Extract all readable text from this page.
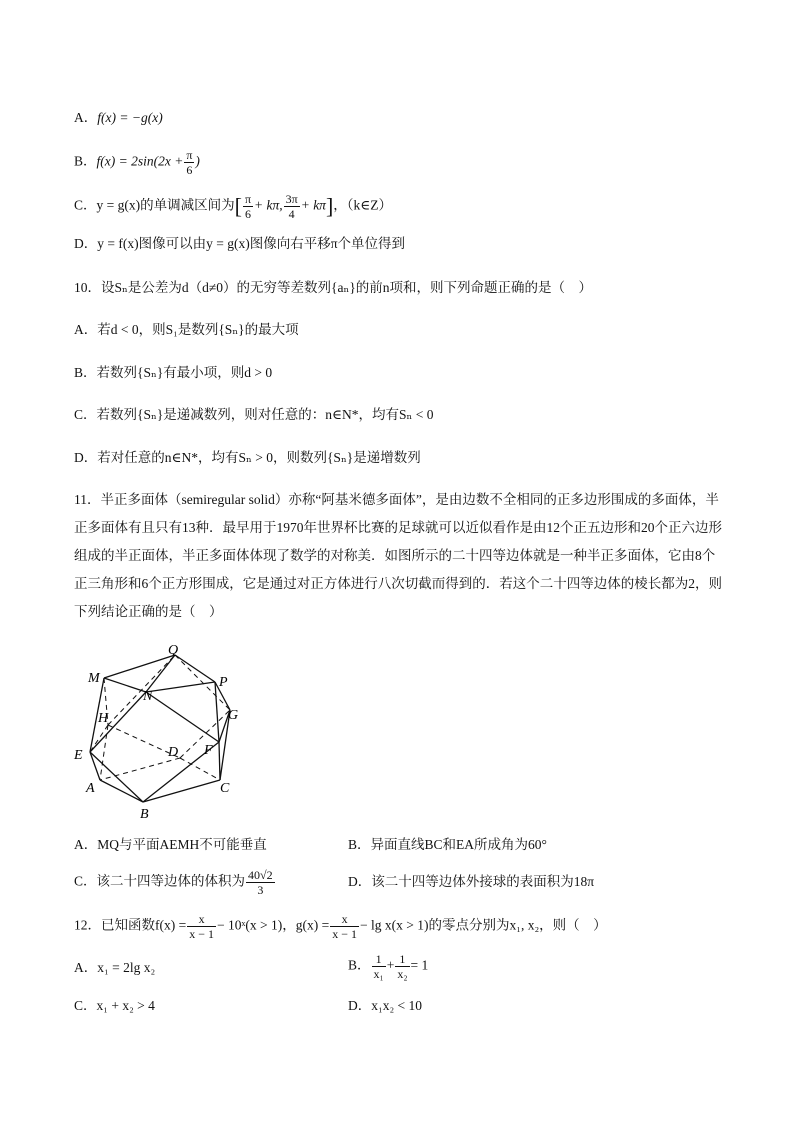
A．f(x) = −g(x)
B．$f(x) = 2\sin(2x + \frac{\pi}{6}$ )
C．y = g(x)的单调减区间为[ $\frac{\pi}{6} + k\pi$, $\frac{3\pi}{4} + k\pi$]，（k∈Z）
D．y = f(x)图像可以由y = g(x)图像向右平移π个单位得到
10．设Sₙ是公差为d（d≠0）的无穷等差数列{aₙ}的前n项和，则下列命题正确的是（　）
A．若d < 0，则S₁是数列{Sₙ}的最大项
B．若数列{Sₙ}有最小项，则d > 0
C．若数列{Sₙ}是递减数列，则对任意的：n∈N*，均有Sₙ < 0
D．若对任意的n∈N*，均有Sₙ > 0，则数列{Sₙ}是递增数列
11．半正多面体（semiregular solid）亦称“阿基米德多面体”，是由边数不全相同的正多边形围成的多面体，半正多面体有且只有13种．最早用于1970年世界杯比赛的足球就可以近似看作是由12个正五边形和20个正六边形组成的半正面体，半正多面体体现了数学的对称美．如图所示的二十四等边体就是一种半正多面体，它由8个正三角形和6个正方形围成，它是通过对正方体进行八次切截而得到的．若这个二十四等边体的棱长都为2，则下列结论正确的是（　）
Q
M	P
N
G
H
E	D F
A	C
B
A．MQ与平面AEMH不可能垂直	B．异面直线BC和EA所成角为60°
C．该二十四等边体的体积为 $\frac{40√2}{3}$	D．该二十四等边体外接球的表面积为18π
12．已知函数$f(x) = \frac{x}{x - 1}$ − 10ˣ(x > 1)，$g(x) = \frac{x}{x - 1} - \lg x(x > 1)$的零点分别为x₁, x₂，则（　）
A．x₁ = 2lg x₂	B． $\frac{1}{\text{x₁}} + \frac{1}{\text{x₂}} = 1$
C．x₁ + x₂ > 4	D．x₁x₂ < 10
